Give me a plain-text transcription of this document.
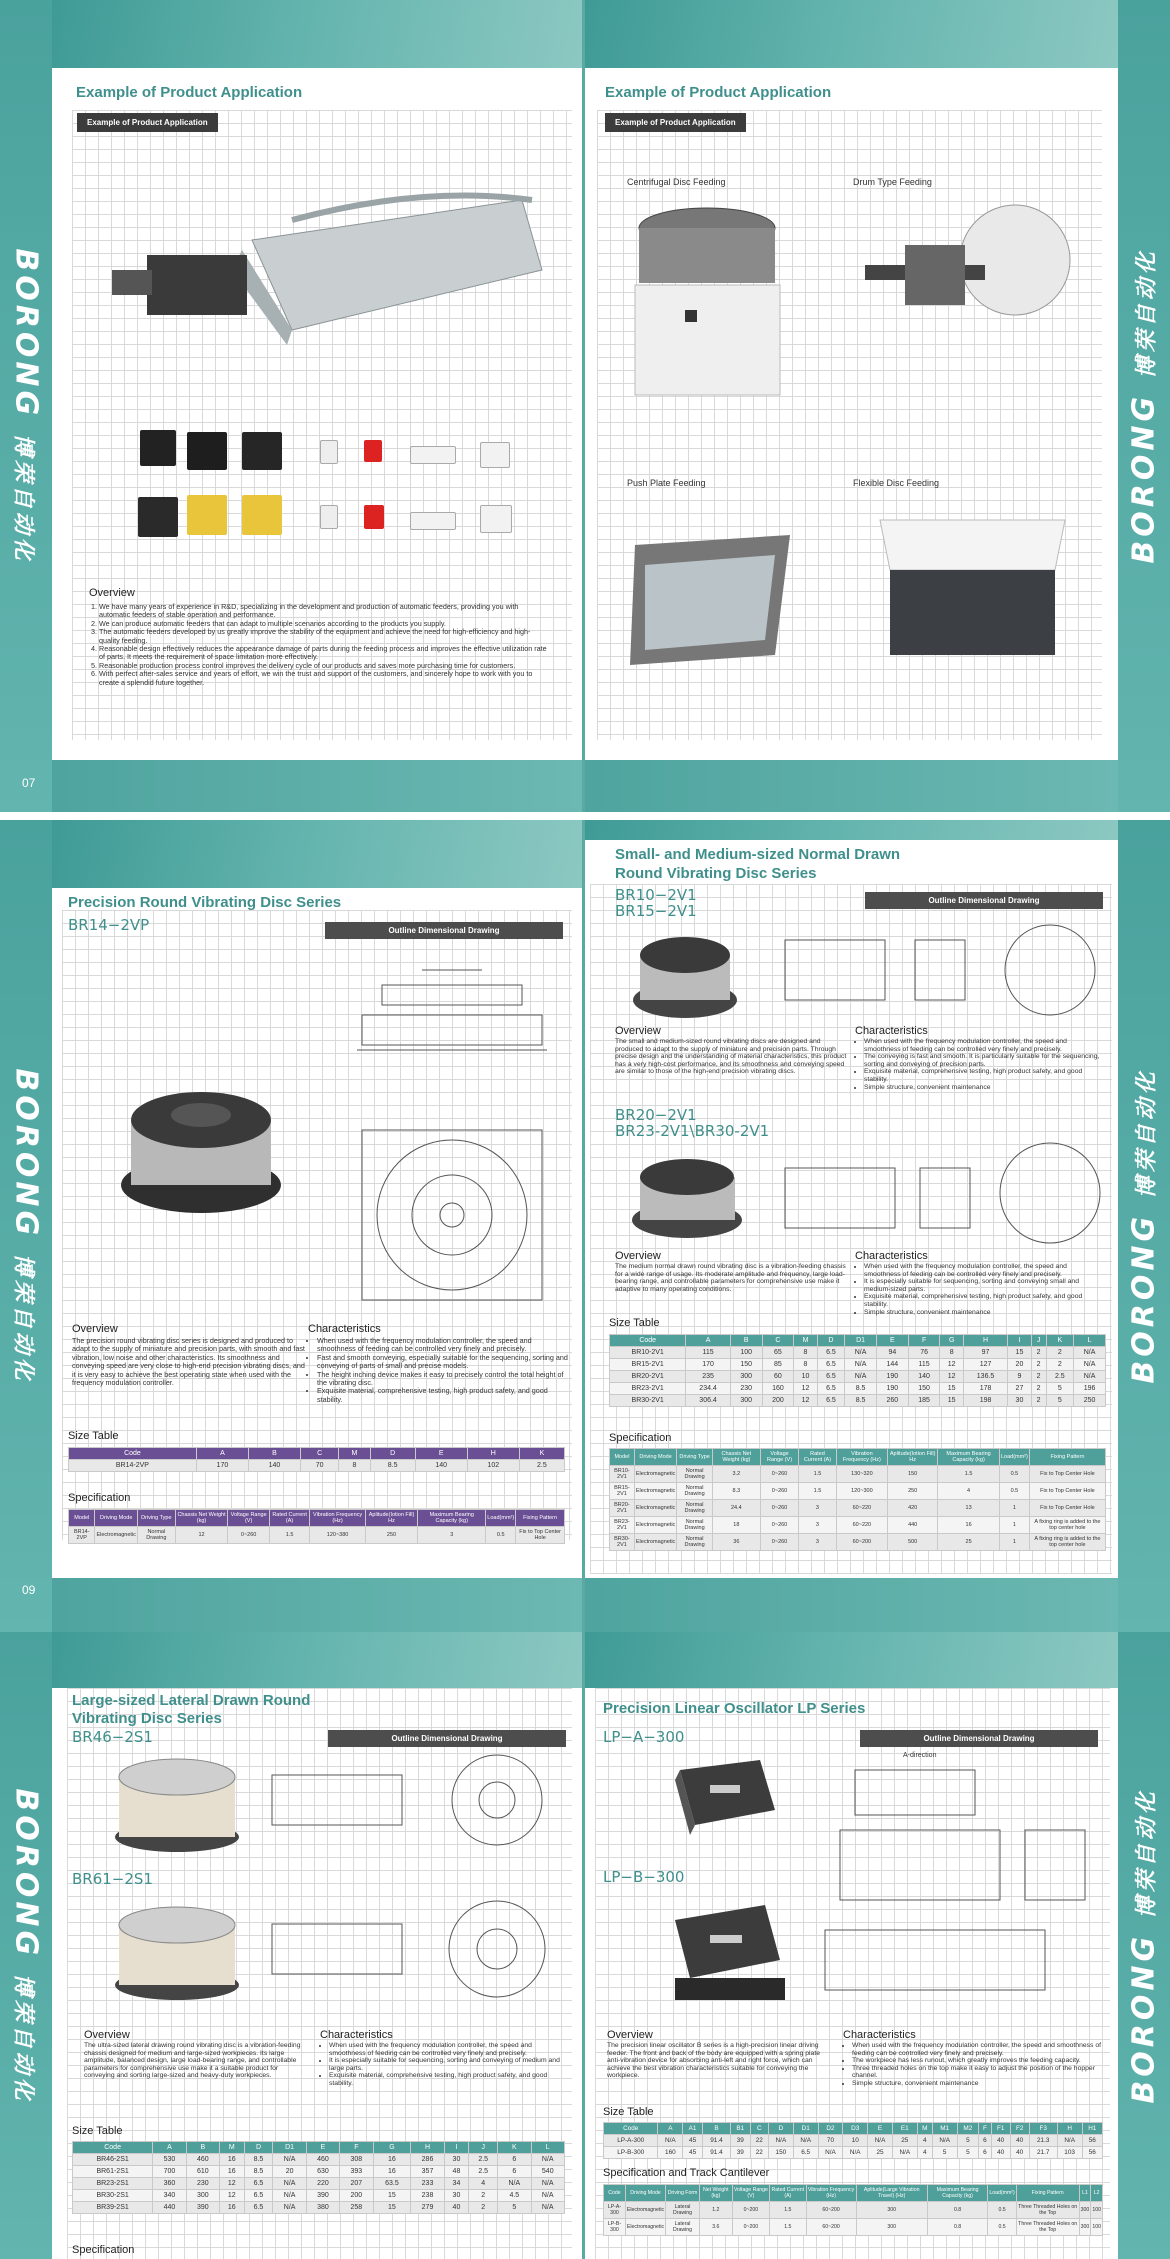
BORONG 博荣自动化
Example of Product Application
Example of Product Application
Overview
1. We have many years of experience in R&D, specializing in the development and production of automatic feeders, providing you with automatic feeders of stable operation and performance.
2. We can produce automatic feeders that can adapt to multiple scenarios according to the products you supply.
3. The automatic feeders developed by us greatly improve the stability of the equipment and achieve the need for high-efficiency and high-quality feeding.
4. Reasonable design effectively reduces the appearance damage of parts during the feeding process and improves the effective utilization rate of parts. It meets the requirement of space limitation more effectively.
5. Reasonable production process control improves the delivery cycle of our products and saves more purchasing time for customers.
6. With perfect after-sales service and years of effort, we win the trust and support of the customers, and sincerely hope to work with you to create a splendid future together.
07
Example of Product Application
Example of Product Application
Centrifugal Disc Feeding	Drum Type Feeding
Push Plate Feeding	Flexible Disc Feeding	BORONG 博荣自动化
BORONG 博荣自动化
Precision Round Vibrating Disc Series
BR14−2VP	Outline Dimensional Drawing
Overview
The precision round vibrating disc series is designed and produced to adapt to the supply of miniature and precision parts, with smooth and fast vibration, low noise and other characteristics. Its smoothness and conveying speed are very close to high-end precision vibrating discs, and it is very easy to achieve the best operating state when used with the frequency modulation controller.
Characteristics
• When used with the frequency modulation controller, the speed and smoothness of feeding can be controlled very finely and precisely.
• Fast and smooth conveying, especially suitable for the sequencing, sorting and conveying of parts of small and precise models.
• The height inching device makes it easy to precisely control the total height of the vibrating disc.
• Exquisite material, comprehensive testing, high product safety, and good stability.
Size Table
Code	A	B	C	M	D	E	H	K
BR14-2VP	170	140	70	8	8.5	140	102	2.5
Specification
Model	Driving Mode	Driving Type	Chassis Net Weight (kg)	Voltage Range (V)	Rated Current (A)	Vibration Frequency (Hz)	Aplitude(Iotion Fill) Hz	Maximum Bearing Capacity (kg)	Load(mm²)	Fixing Pattern
BR14-2VP	Electromagnetic	Normal Drawing	12	0~260	1.5	120~380	250	3	0.5	Fix to Top Center Hole
09
Small- and Medium-sized Normal Drawn
Round Vibrating Disc Series
BR10−2V1
BR15−2V1
Outline Dimensional Drawing
Overview
The small and medium-sized round vibrating discs are designed and produced to adapt to the supply of miniature and precision parts. Through precise design and the understanding of material characteristics, this product has a very high-cost performance, and its smoothness and conveying speed are similar to those of the high-end precision vibrating discs.
Characteristics
• When used with the frequency modulation controller, the speed and smoothness of feeding can be controlled very finely and precisely.
• The conveying is fast and smooth. It is particularly suitable for the sequencing, sorting and conveying of precision parts.
• Exquisite material, comprehensive testing, high product safety, and good stability.
• Simple structure, convenient maintenance
BR20−2V1
BR23-2V1\BR30-2V1
Overview
The medium normal drawn round vibrating disc is a vibration-feeding chassis for a wide range of usage. Its moderate amplitude and frequency, large load-bearing range, and controllable parameters for comprehensive use make it adaptive to many operating conditions.
Characteristics
• When used with the frequency modulation controller, the speed and smoothness of feeding can be controlled very finely and precisely.
• It is especially suitable for sequencing, sorting and conveying small and medium-sized parts.
• Exquisite material, comprehensive testing, high product safety, and good stability.
• Simple structure, convenient maintenance
Size Table
Code	A	B	C	M	D	D1	E	F	G	H	I	J	K	L
BR10-2V1	115	100	65	8	6.5	N/A	94	76	8	97	15	2	2	N/A
BR15-2V1	170	150	85	8	6.5	N/A	144	115	12	127	20	2	2	N/A
BR20-2V1	235	300	60	10	6.5	N/A	190	140	12	136.5	9	2	2.5	N/A
BR23-2V1	234.4	230	160	12	6.5	8.5	190	150	15	178	27	2	5	196
BR30-2V1	306.4	300	200	12	6.5	8.5	260	185	15	198	30	2	5	250
Specification
Model	Driving Mode	Driving Type	Chassis Net Weight (kg)	Voltage Range (V)	Rated Current (A)	Vibration Frequency (Hz)	Aplitude(Iotion Fill) Hz	Maximum Bearing Capacity (kg)	Load(mm²)	Fixing Pattern
BR10-2V1	Electromagnetic	Normal Drawing	3.2	0~260	1.5	130~320	150	1.5	0.5	Fix to Top Center Hole
BR15-2V1	Electromagnetic	Normal Drawing	8.3	0~260	1.5	120~300	250	4	0.5	Fix to Top Center Hole
BR20-2V1	Electromagnetic	Normal Drawing	24.4	0~260	3	60~220	420	13	1	Fix to Top Center Hole
BR23-2V1	Electromagnetic	Normal Drawing	18	0~260	3	60~220	440	16	1	A fixing ring is added to the top center hole
BR30-2V1	Electromagnetic	Normal Drawing	36	0~260	3	60~200	500	25	1	A fixing ring is added to the top center hole
BORONG 博荣自动化
BORONG 博荣自动化
Large-sized Lateral Drawn Round
Vibrating Disc Series
BR46−2S1	Outline Dimensional Drawing
BR61−2S1
Overview
The ultra-sized lateral drawing round vibrating disc is a vibration-feeding chassis designed for medium and large-sized workpieces. Its large amplitude, balanced design, large load-bearing range, and controllable parameters for comprehensive use make it a suitable product for conveying and sorting large-sized and heavy-duty workpieces.
Characteristics
• When used with the frequency modulation controller, the speed and smoothness of feeding can be controlled very finely and precisely.
• It is especially suitable for sequencing, sorting and conveying of medium and large parts.
• Exquisite material, comprehensive testing, high product safety, and good stability.
Size Table
Code	A	B	M	D	D1	E	F	G	H	I	J	K	L
BR46-2S1	530	460	16	8.5	N/A	460	308	16	286	30	2.5	6	N/A
BR61-2S1	700	610	16	8.5	20	630	393	16	357	48	2.5	6	540
BR23-2S1	360	230	12	6.5	N/A	220	207	63.5	233	34	4	N/A	N/A
BR30-2S1	340	300	12	6.5	N/A	390	200	15	238	30	2	4.5	N/A
BR39-2S1	440	390	16	6.5	N/A	380	258	15	279	40	2	5	N/A
Specification
Precision Linear Oscillator LP Series
LP−A−300	Outline Dimensional Drawing
A-direction
LP−B−300
Overview
The precision linear oscillator B series is a high-precision linear driving feeder. The front and back of the body are equipped with a spring plate anti-vibration device for absorbing anti-left and right force, which can achieve the best vibration characteristics suitable for conveying the workpiece.
Characteristics
• When used with the frequency modulation controller, the speed and smoothness of feeding can be controlled very finely and precisely.
• The workpiece has less runout, which greatly improves the feeding capacity.
• Three threaded holes on the top make it easy to adjust the position of the hopper channel.
• Simple structure, convenient maintenance
Size Table
Code	A	A1	B	B1	C	D	D1	D2	D3	E	E1	M	M1	M2	F	F1	F2	F3	H	H1
LP-A-300	N/A	45	91.4	39	22	N/A	N/A	70	10	N/A	25	4	N/A	5	6	40	40	21.3	N/A	56
LP-B-300	160	45	91.4	39	22	150	6.5	N/A	N/A	25	N/A	4	5	5	6	40	40	21.7	103	56
Specification and Track Cantilever
Code	Driving Mode	Driving Form	Net Weight (kg)	Voltage Range (V)	Rated Current (A)	Vibration Frequency (Hz)	Aplitude(Large Vibration Travel) (Hz)	Maximum Bearing Capacity (kg)	Load(mm²)	Fixing Pattern	L1	L2
LP-A-300	Electromagnetic	Lateral Drawing	1.2	0~200	1.5	60~200	300	0.8	0.5	Three Threaded Holes on the Top	300	100
LP-B-300	Electromagnetic	Lateral Drawing	3.6	0~200	1.5	60~200	300	0.8	0.5	Three Threaded Holes on the Top	300	100
BORONG 博荣自动化
